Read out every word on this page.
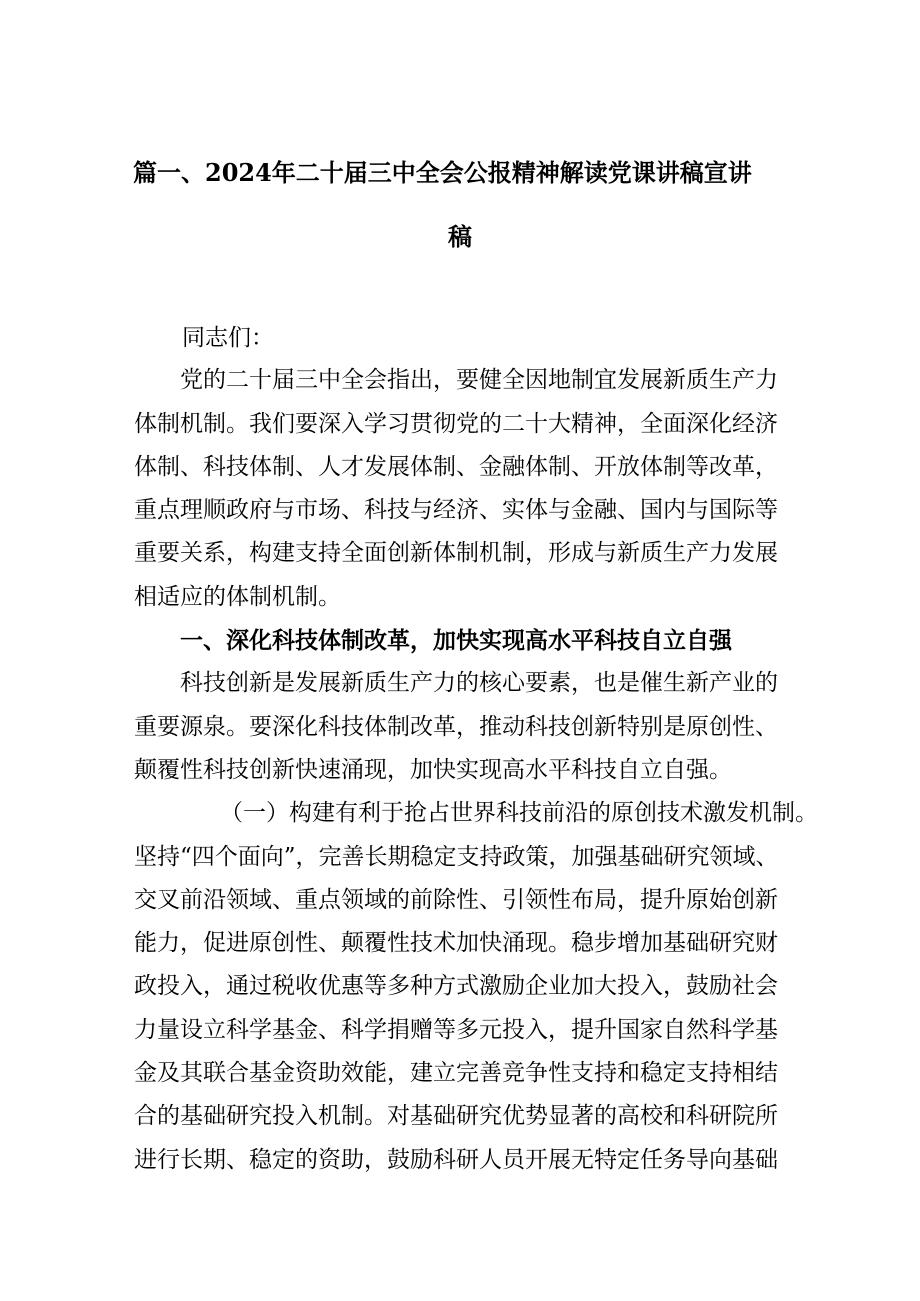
篇一、2024年二十届三中全会公报精神解读党课讲稿宣讲
稿

同志们：

党的二十届三中全会指出，要健全因地制宜发展新质生产力
体制机制。我们要深入学习贯彻党的二十大精神，全面深化经济
体制、科技体制、人才发展体制、金融体制、开放体制等改革，
重点理顺政府与市场、科技与经济、实体与金融、国内与国际等
重要关系，构建支持全面创新体制机制，形成与新质生产力发展
相适应的体制机制。

一、深化科技体制改革，加快实现高水平科技自立自强

科技创新是发展新质生产力的核心要素，也是催生新产业的
重要源泉。要深化科技体制改革，推动科技创新特别是原创性、
颠覆性科技创新快速涌现，加快实现高水平科技自立自强。

（一）构建有利于抢占世界科技前沿的原创技术激发机制。
坚持“四个面向”，完善长期稳定支持政策，加强基础研究领域、
交叉前沿领域、重点领域的前除性、引领性布局，提升原始创新
能力，促进原创性、颠覆性技术加快涌现。稳步增加基础研究财
政投入，通过税收优惠等多种方式激励企业加大投入，鼓励社会
力量设立科学基金、科学捐赠等多元投入，提升国家自然科学基
金及其联合基金资助效能，建立完善竞争性支持和稳定支持相结
合的基础研究投入机制。对基础研究优势显著的高校和科研院所
进行长期、稳定的资助，鼓励科研人员开展无特定任务导向基础
